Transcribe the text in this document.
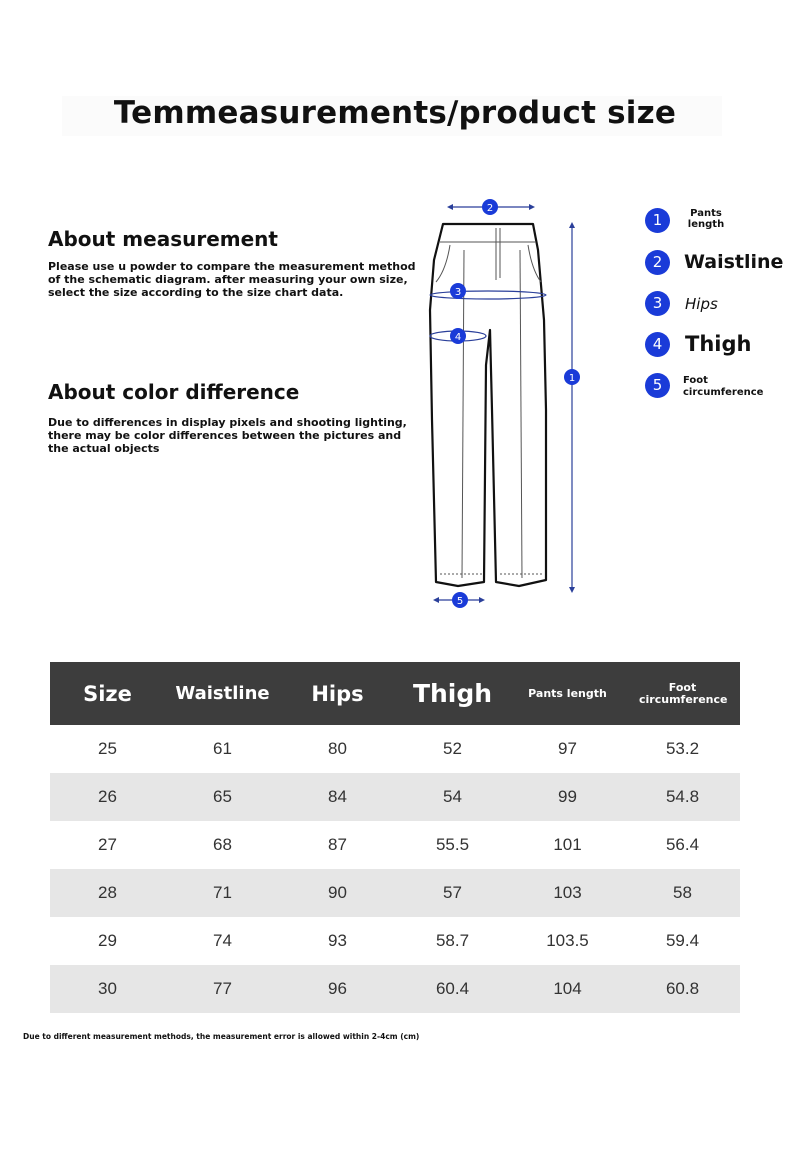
Temmeasurements/product size
About measurement

Please use u powder to compare the measurement method of the schematic diagram. after measuring your own size, select the size according to the size chart data.

About color difference

Due to differences in display pixels and shooting lighting, there may be color differences between the pictures and the actual objects

2
3
4
1
5
1	Pants length
2	Waistline
3	Hips
4	Thigh
5	Foot circumference
Size	Waistline	Hips	Thigh	Pants length	Foot circumference
25	61	80	52	97	53.2
26	65	84	54	99	54.8
27	68	87	55.5	101	56.4
28	71	90	57	103	58
29	74	93	58.7	103.5	59.4
30	77	96	60.4	104	60.8

Due to different measurement methods, the measurement error is allowed within 2-4cm (cm)
